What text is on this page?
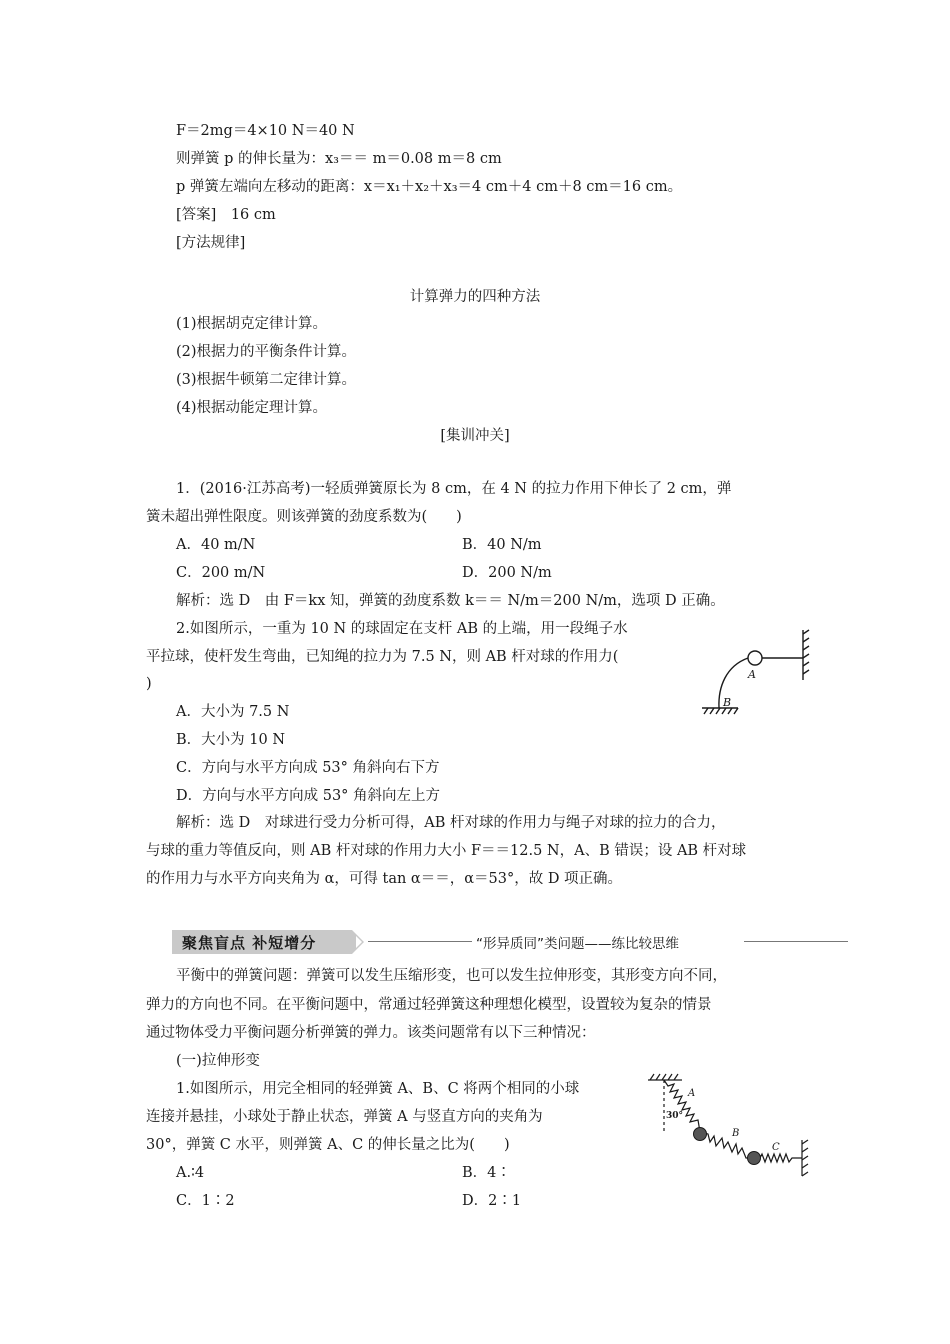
F＝2mg＝4×10 N＝40 N
则弹簧 p 的伸长量为：x₃＝＝ m＝0.08 m＝8 cm
p 弹簧左端向左移动的距离：x＝x₁＋x₂＋x₃＝4 cm＋4 cm＋8 cm＝16 cm。
[答案]　16 cm
[方法规律]
计算弹力的四种方法
(1)根据胡克定律计算。
(2)根据力的平衡条件计算。
(3)根据牛顿第二定律计算。
(4)根据动能定理计算。
[集训冲关]
1．(2016·江苏高考)一轻质弹簧原长为 8 cm，在 4 N 的拉力作用下伸长了 2 cm，弹
簧未超出弹性限度。则该弹簧的劲度系数为(　　)
A．40 m/N	B．40 N/m
C．200 m/N	D．200 N/m
解析：选 D　由 F＝kx 知，弹簧的劲度系数 k＝＝ N/m＝200 N/m，选项 D 正确。
2.如图所示，一重为 10 N 的球固定在支杆 AB 的上端，用一段绳子水
平拉球，使杆发生弯曲，已知绳的拉力为 7.5 N，则 AB 杆对球的作用力(
)
A．大小为 7.5 N
B．大小为 10 N
C．方向与水平方向成 53° 角斜向右下方
D．方向与水平方向成 53° 角斜向左上方
解析：选 D　对球进行受力分析可得，AB 杆对球的作用力与绳子对球的拉力的合力，
与球的重力等值反向，则 AB 杆对球的作用力大小 F＝＝12.5 N，A、B 错误；设 AB 杆对球
的作用力与水平方向夹角为 α，可得 tan α＝＝，α＝53°，故 D 项正确。
聚焦盲点 补短增分	“形异质同”类问题——练比较思维
平衡中的弹簧问题：弹簧可以发生压缩形变，也可以发生拉伸形变，其形变方向不同，
弹力的方向也不同。在平衡问题中，常通过轻弹簧这种理想化模型，设置较为复杂的情景
通过物体受力平衡问题分析弹簧的弹力。该类问题常有以下三种情况：
(一)拉伸形变
1.如图所示，用完全相同的轻弹簧 A、B、C 将两个相同的小球
连接并悬挂，小球处于静止状态，弹簧 A 与竖直方向的夹角为
30°，弹簧 C 水平，则弹簧 A、C 的伸长量之比为(　　)
A.∶4	B．4∶
C．1∶2	D．2∶1
A
B
A
B
C
30°
